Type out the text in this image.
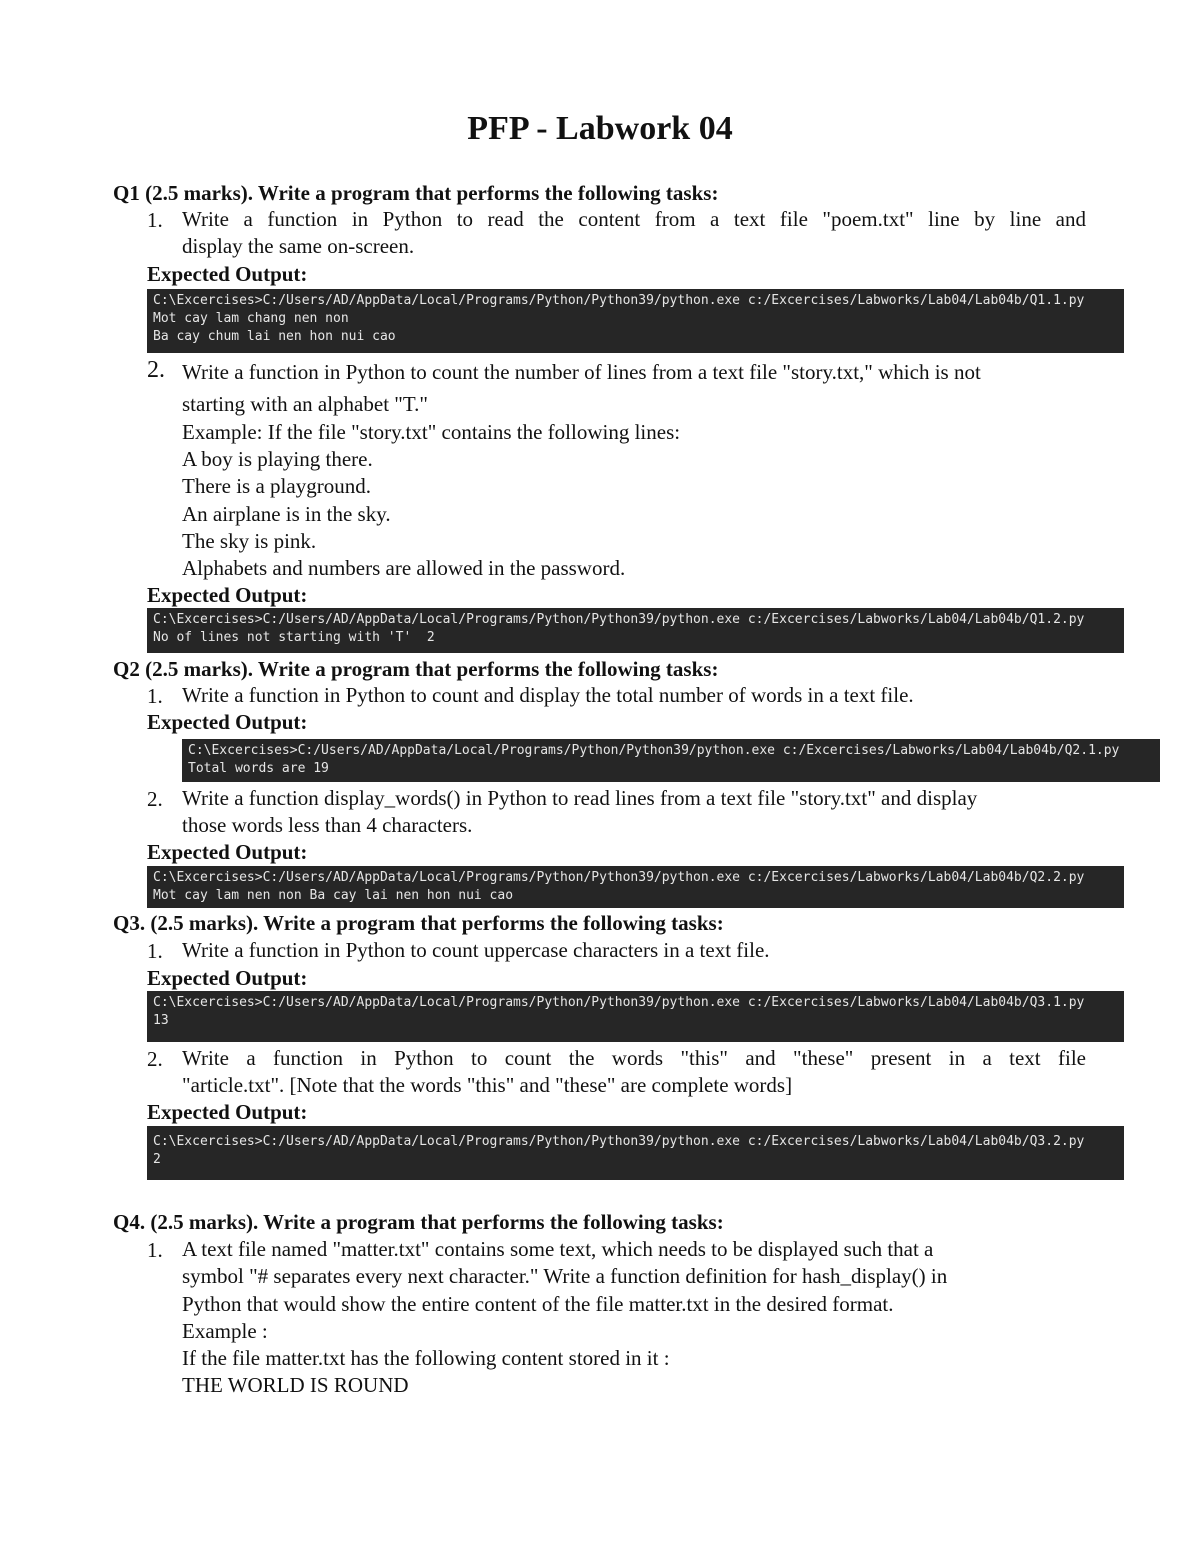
PFP - Labwork 04
Q1 (2.5 marks). Write a program that performs the following tasks:
1. Write a function in Python to read the content from a text file "poem.txt" line by line and
display the same on-screen.
Expected Output:
C:\Excercises>C:/Users/AD/AppData/Local/Programs/Python/Python39/python.exe c:/Excercises/Labworks/Lab04/Lab04b/Q1.1.py
Mot cay lam chang nen non
Ba cay chum lai nen hon nui cao
2. Write a function in Python to count the number of lines from a text file "story.txt," which is not
starting with an alphabet "T."
Example: If the file "story.txt" contains the following lines:
A boy is playing there.
There is a playground.
An airplane is in the sky.
The sky is pink.
Alphabets and numbers are allowed in the password.
Expected Output:
C:\Excercises>C:/Users/AD/AppData/Local/Programs/Python/Python39/python.exe c:/Excercises/Labworks/Lab04/Lab04b/Q1.2.py
No of lines not starting with 'T'  2
Q2 (2.5 marks). Write a program that performs the following tasks:
1. Write a function in Python to count and display the total number of words in a text file.
Expected Output:
C:\Excercises>C:/Users/AD/AppData/Local/Programs/Python/Python39/python.exe c:/Excercises/Labworks/Lab04/Lab04b/Q2.1.py
Total words are 19
2. Write a function display_words() in Python to read lines from a text file "story.txt" and display
those words less than 4 characters.
Expected Output:
C:\Excercises>C:/Users/AD/AppData/Local/Programs/Python/Python39/python.exe c:/Excercises/Labworks/Lab04/Lab04b/Q2.2.py
Mot cay lam nen non Ba cay lai nen hon nui cao
Q3. (2.5 marks). Write a program that performs the following tasks:
1. Write a function in Python to count uppercase characters in a text file.
Expected Output:
C:\Excercises>C:/Users/AD/AppData/Local/Programs/Python/Python39/python.exe c:/Excercises/Labworks/Lab04/Lab04b/Q3.1.py
13
2. Write a function in Python to count the words "this" and "these" present in a text file
"article.txt". [Note that the words "this" and "these" are complete words]
Expected Output:
C:\Excercises>C:/Users/AD/AppData/Local/Programs/Python/Python39/python.exe c:/Excercises/Labworks/Lab04/Lab04b/Q3.2.py
2
Q4. (2.5 marks). Write a program that performs the following tasks:
1. A text file named "matter.txt" contains some text, which needs to be displayed such that a
symbol "# separates every next character." Write a function definition for hash_display() in
Python that would show the entire content of the file matter.txt in the desired format.
Example :
If the file matter.txt has the following content stored in it :
THE WORLD IS ROUND
